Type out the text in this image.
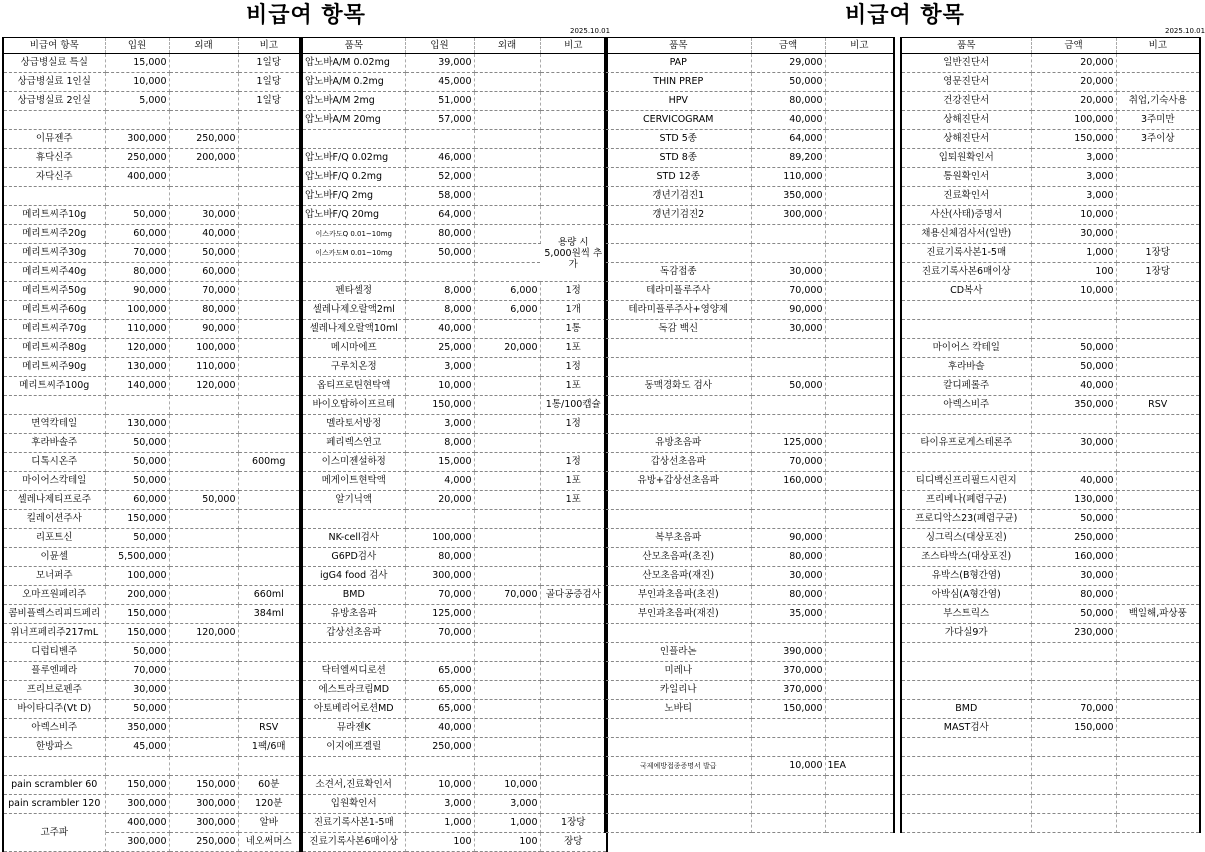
비급여 항목	비급여 항목
2025.10.01	2025.10.01
비급여 항목	입원	외래	비고
상급병실료 특실	15,000		1일당
상급병실료 1인실	10,000		1일당
상급병실료 2인실	5,000		1일당

이뮤젠주	300,000	250,000	
휴닥신주	250,000	200,000	
자닥신주	400,000		

메리트씨주10g	50,000	30,000	
메리트씨주20g	60,000	40,000	
메리트씨주30g	70,000	50,000	
메리트씨주40g	80,000	60,000	
메리트씨주50g	90,000	70,000	
메리트씨주60g	100,000	80,000	
메리트씨주70g	110,000	90,000	
메리트씨주80g	120,000	100,000	
메리트씨주90g	130,000	110,000	
메리트씨주100g	140,000	120,000	

면역칵테일	130,000		
후라바솔주	50,000		
디톡시온주	50,000		600mg
마이어스칵테일	50,000		
셀레나제티프로주	60,000	50,000	
킬레이션주사	150,000		
리포트신	50,000		
이뮨셀	5,500,000		
모너퍼주	100,000		
오마프원페리주	200,000		660ml
콤비플렉스리피드페리	150,000		384ml
위너프페리주217mL	150,000	120,000	
디럽티벤주	50,000		
플루엔페라	70,000		
프리브로펜주	30,000		
바이타디주(Vt D)	50,000		
아렉스비주	350,000		RSV
한방파스	45,000		1팩/6매

pain scrambler 60	150,000	150,000	60분
pain scrambler 120	300,000	300,000	120분
고주파	400,000	300,000	알바
	300,000	250,000	네오써머스
품목	입원	외래	비고
압노바A/M 0.02mg	39,000		
압노바A/M 0.2mg	45,000		
압노바A/M 2mg	51,000		
압노바A/M 20mg	57,000		

압노바F/Q 0.02mg	46,000		
압노바F/Q 0.2mg	52,000		
압노바F/Q 2mg	58,000		
압노바F/Q 20mg	64,000		
이스카도Q 0.01~10mg	80,000		용량 시
5,000원씩 추
가

이스카도M 0.01~10mg	50,000		

펜타셀정	8,000	6,000	1정
셀레나제오랄액2ml	8,000	6,000	1개
셀레나제오랄액10ml	40,000		1통
메시마에프	25,000	20,000	1포
구루치온정	3,000		1정
옵티프로틴현탁액	10,000		1포
바이오탑하이프르테	150,000		1통/100캡슐
멜라토서방정	3,000		1정
페리렉스연고	8,000		
이스미젠설하정	15,000		1정
메게이트현탁액	4,000		1포
알기닉액	20,000		1포

NK-cell검사	100,000		
G6PD검사	80,000		
igG4 food 검사	300,000		
BMD	70,000	70,000	골다공증검사
유방초음파	125,000		
갑상선초음파	70,000		

닥터엘씨디로션	65,000		
에스트라크림MD	65,000		
아토베리어로션MD	65,000		
뮤라젠K	40,000		
이지에프겔릴	250,000		

소견서,진료확인서	10,000	10,000	
입원확인서	3,000	3,000	
진료기록사본1-5매	1,000	1,000	1장당
진료기록사본6매이상	100	100	장당
품목	금액	비고
PAP	29,000	
THIN PREP	50,000	
HPV	80,000	
CERVICOGRAM	40,000	
STD 5종	64,000	
STD 8종	89,200	
STD 12종	110,000	
갱년기검진1	350,000	
갱년기검진2	300,000	

독감접종	30,000	
테라미플루주사	70,000	
테라미플루주사+영양제	90,000	
독감 백신	30,000	

동맥경화도 검사	50,000	

유방초음파	125,000	
갑상선초음파	70,000	
유방+갑상선초음파	160,000	

복부초음파	90,000	
산모초음파(초진)	80,000	
산모초음파(재진)	30,000	
부인과초음파(초진)	80,000	
부인과초음파(재진)	35,000	

인플라논	390,000	
미레나	370,000	
카일리나	370,000	
노바티	150,000	

국제예방접종증명서 발급	10,000	1EA

품목	금액	비고
일반진단서	20,000	
영문진단서	20,000	
건강진단서	20,000	취업,기숙사용
상해진단서	100,000	3주미만
상해진단서	150,000	3주이상
입퇴원확인서	3,000	
통원확인서	3,000	
진료확인서	3,000	
사산(사태)증명서	10,000	
채용신체검사서(일반)	30,000	
진료기록사본1-5매	1,000	1장당
진료기록사본6매이상	100	1장당
CD복사	10,000	

마이어스 칵테일	50,000	
후라바솔	50,000	
칼디페롤주	40,000	
아렉스비주	350,000	RSV

타이유프로게스테론주	30,000	

티디백신프리필드시린지	40,000	
프리베나(폐렴구균)	130,000	
프로디악스23(폐렴구균)	50,000	
싱그릭스(대상포진)	250,000	
조스타박스(대상포진)	160,000	
유박스(B형간염)	30,000	
아박심(A형간염)	80,000	
부스트릭스	50,000	백일해,파상풍
가다실9가	230,000	

BMD	70,000	
MAST검사	150,000	
